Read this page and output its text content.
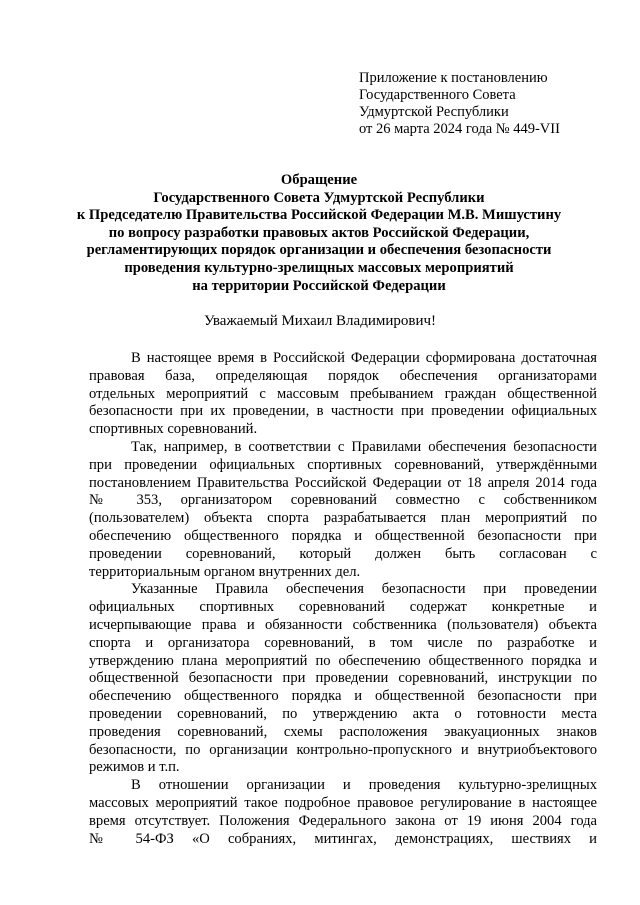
Приложение к постановлению
Государственного Совета
Удмуртской Республики
от 26 марта 2024 года № 449-VII
Обращение
Государственного Совета Удмуртской Республики
к Председателю Правительства Российской Федерации М.В. Мишустину
по вопросу разработки правовых актов Российской Федерации,
регламентирующих порядок организации и обеспечения безопасности
проведения культурно-зрелищных массовых мероприятий
на территории Российской Федерации
Уважаемый Михаил Владимирович!
В настоящее время в Российской Федерации сформирована достаточная
правовая база, определяющая порядок обеспечения организаторами
отдельных мероприятий с массовым пребыванием граждан общественной
безопасности при их проведении, в частности при проведении официальных
спортивных соревнований.
Так, например, в соответствии с Правилами обеспечения безопасности
при проведении официальных спортивных соревнований, утверждёнными
постановлением Правительства Российской Федерации от 18 апреля 2014 года
№ 353, организатором соревнований совместно с собственником
(пользователем) объекта спорта разрабатывается план мероприятий по
обеспечению общественного порядка и общественной безопасности при
проведении соревнований, который должен быть согласован с
территориальным органом внутренних дел.
Указанные Правила обеспечения безопасности при проведении
официальных спортивных соревнований содержат конкретные и
исчерпывающие права и обязанности собственника (пользователя) объекта
спорта и организатора соревнований, в том числе по разработке и
утверждению плана мероприятий по обеспечению общественного порядка и
общественной безопасности при проведении соревнований, инструкции по
обеспечению общественного порядка и общественной безопасности при
проведении соревнований, по утверждению акта о готовности места
проведения соревнований, схемы расположения эвакуационных знаков
безопасности, по организации контрольно-пропускного и внутриобъектового
режимов и т.п.
В отношении организации и проведения культурно-зрелищных
массовых мероприятий такое подробное правовое регулирование в настоящее
время отсутствует. Положения Федерального закона от 19 июня 2004 года
№ 54-ФЗ «О собраниях, митингах, демонстрациях, шествиях и
